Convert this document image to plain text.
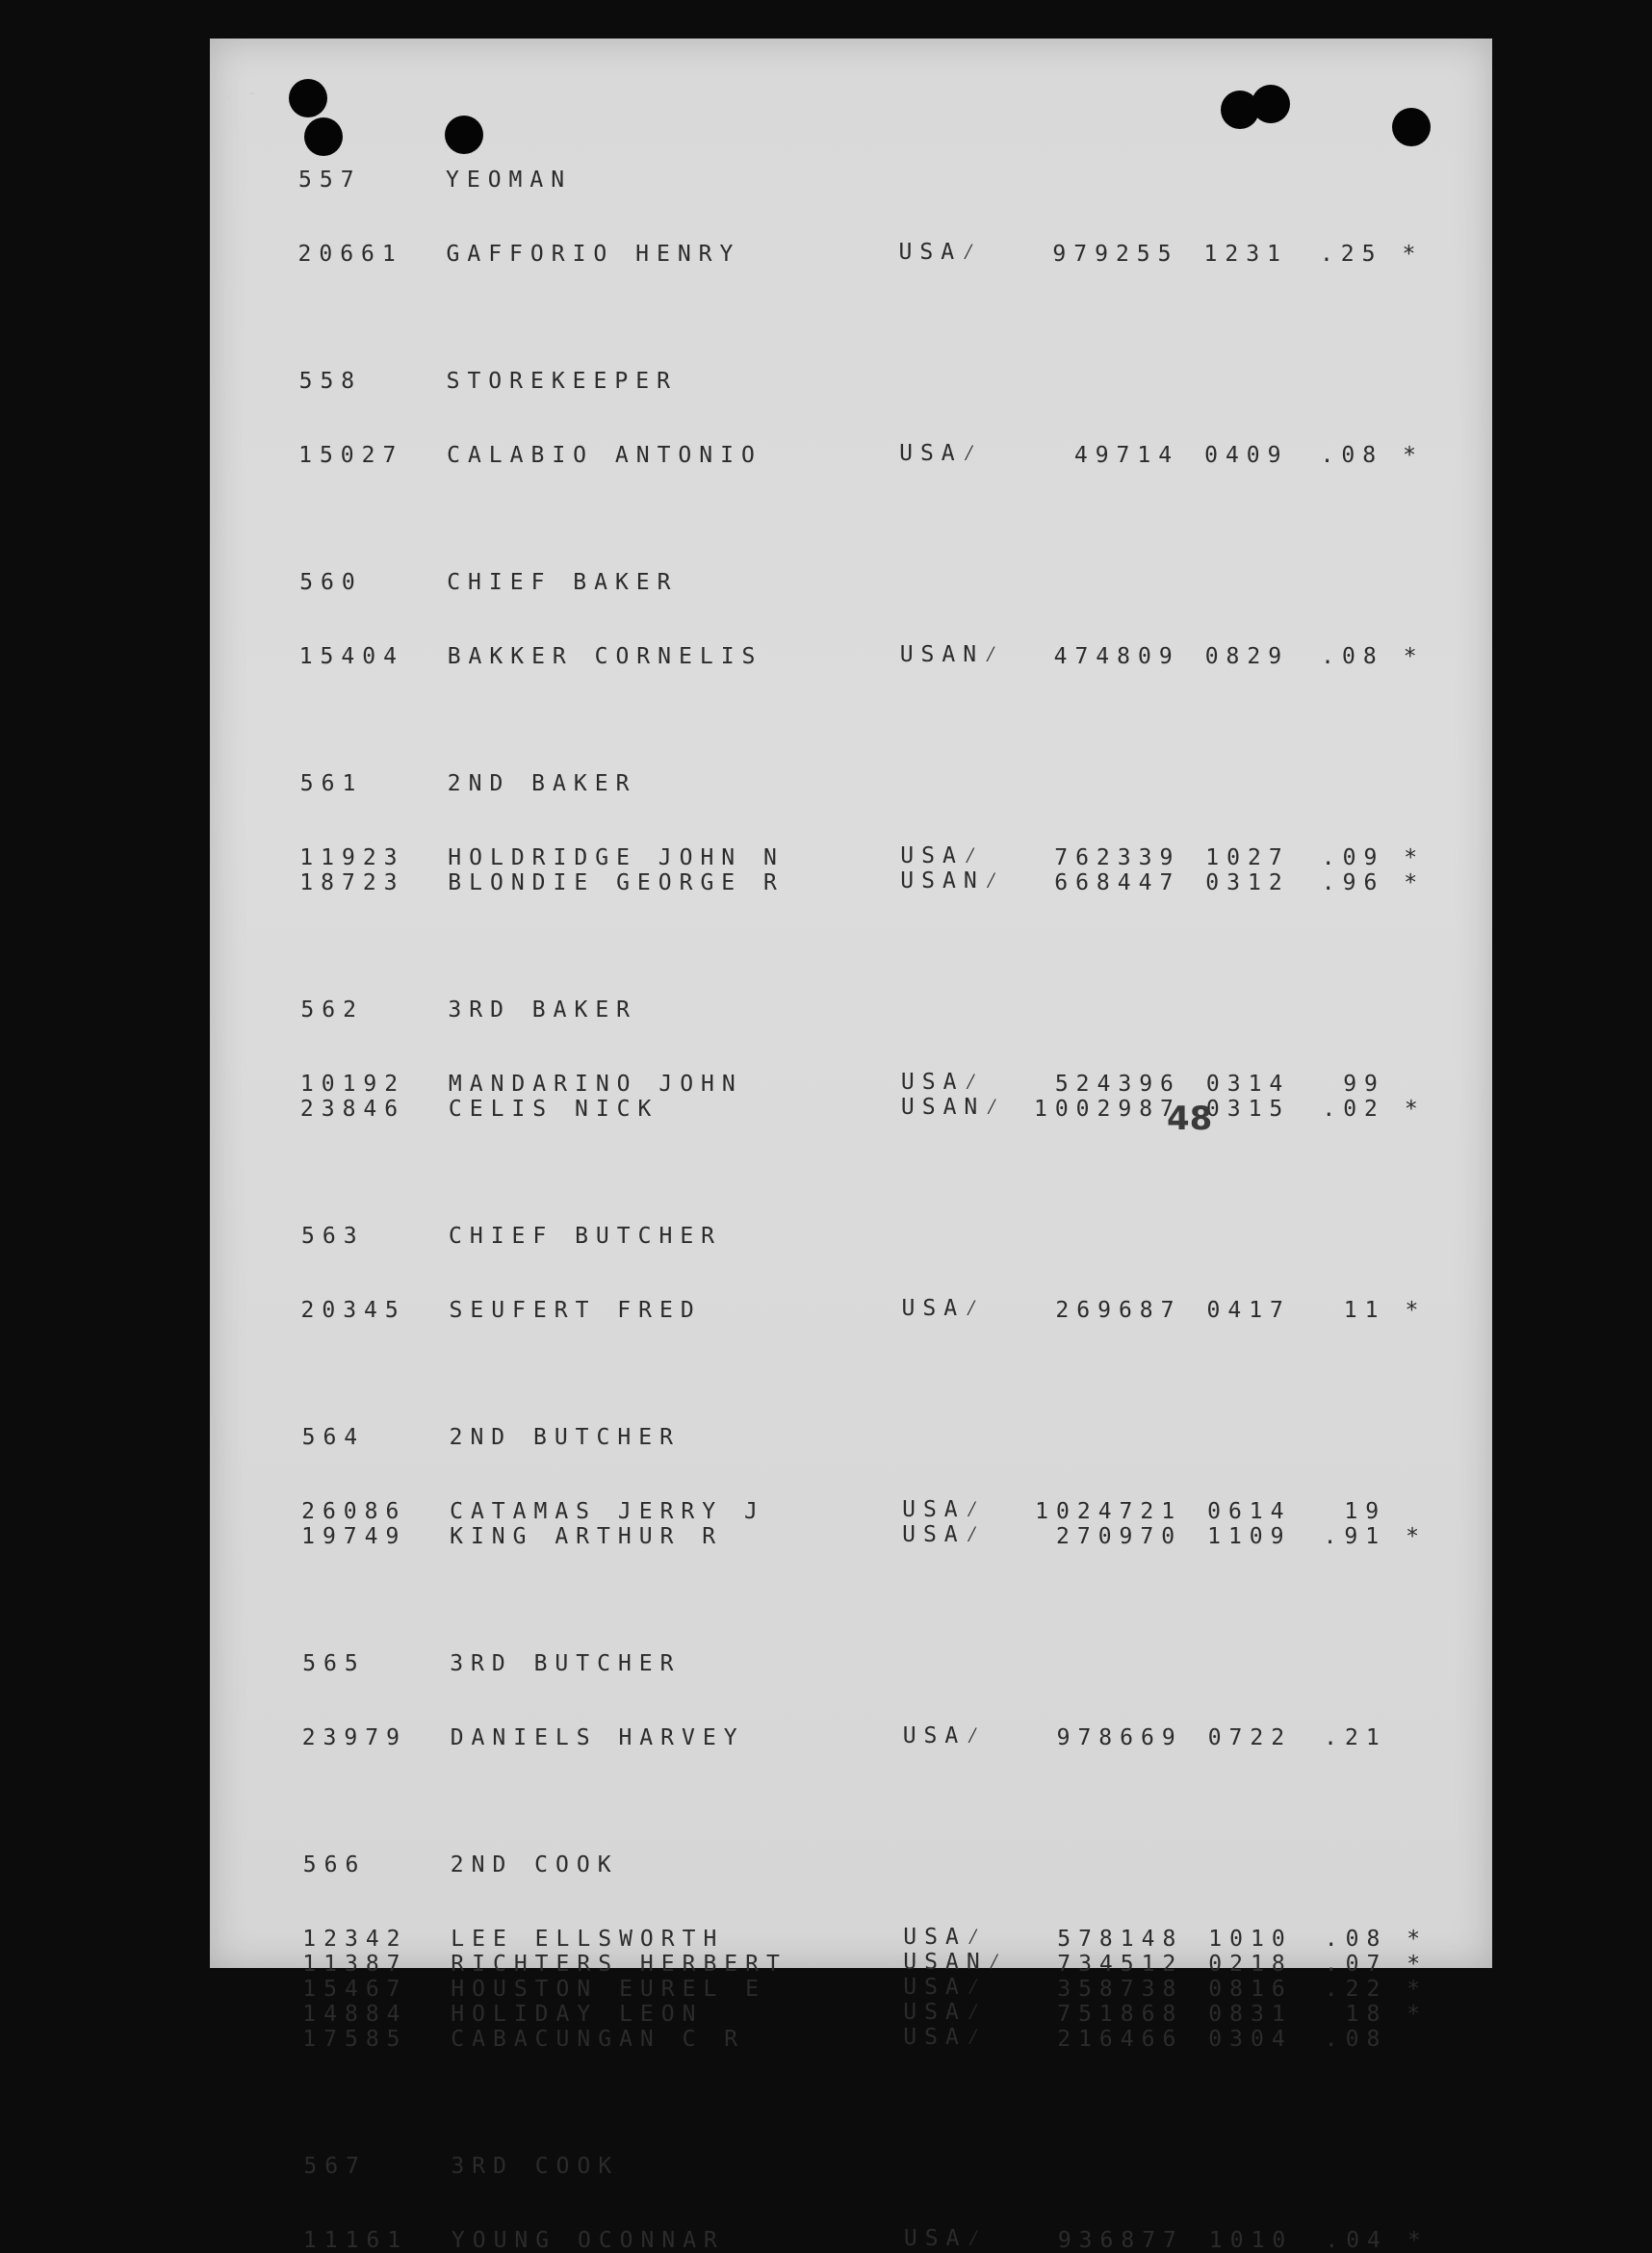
. -
557	YEOMAN
20661 GAFFORIO HENRY	USA⁄	979255 1231 .25 *
558	STOREKEEPER
15027 CALABIO ANTONIO	USA⁄	49714 0409 .08 *
560	CHIEF BAKER
15404 BAKKER CORNELIS	USAN⁄ 474809 0829 .08 *
561	2ND BAKER
11923 HOLDRIDGE JOHN N	USA⁄	762339 1027 .09 *
18723 BLONDIE GEORGE R	USAN⁄ 668447 0312 .96 *
562	3RD BAKER
10192 MANDARINO JOHN	USA⁄	524396 0314 99
23846 CELIS NICK	USAN⁄ 1002987 0315 .02 *
563	CHIEF BUTCHER
20345 SEUFERT FRED	USA⁄	269687 0417 11 *
564	2ND BUTCHER
26086 CATAMAS JERRY J	USA⁄ 1024721 0614 19
19749 KING ARTHUR R	USA⁄	270970 1109 .91 *
565	3RD BUTCHER
23979 DANIELS HARVEY	USA⁄	978669 0722 .21
566	2ND COOK
12342 LEE ELLSWORTH	USA⁄	578148 1010 .08 *
11387 RICHTERS HERBERT	USAN⁄ 734512 0218 .07 *
15467 HOUSTON EUREL E	USA⁄	358738 0816 .22 *
14884 HOLIDAY LEON	USA⁄	751868 0831 18 *
17585 CABACUNGAN C R	USA⁄	216466 0304 .08
567	3RD COOK
11161 YOUNG OCONNAR	USA⁄	936877 1010 .04 *
48
